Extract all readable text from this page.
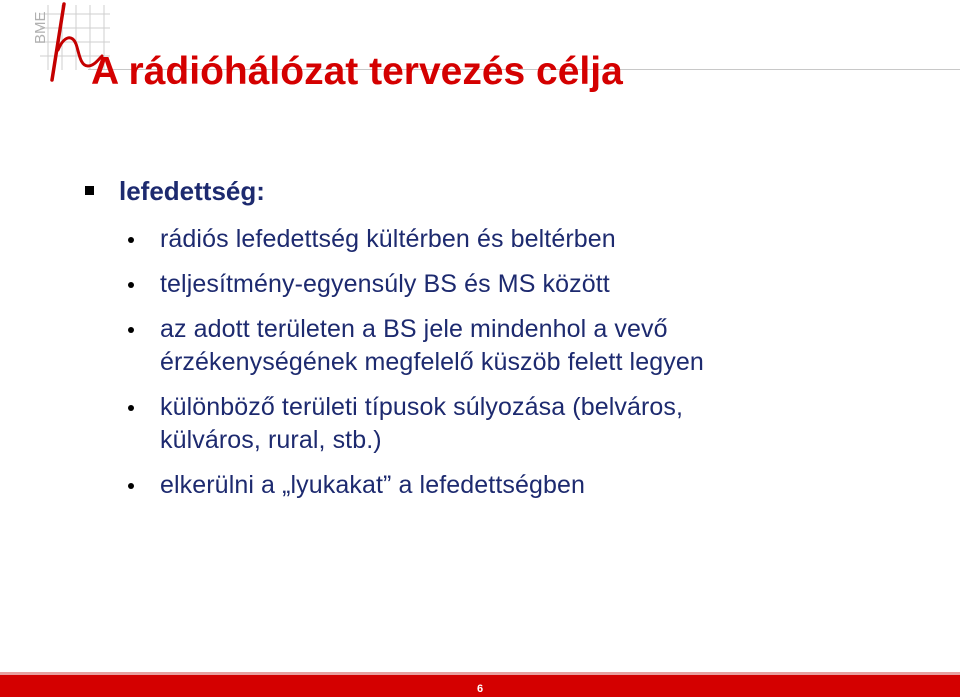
BME
A rádióhálózat tervezés célja
lefedettség:
rádiós lefedettség kültérben és beltérben
teljesítmény-egyensúly BS és MS között
az adott területen a BS jele mindenhol a vevő
érzékenységének megfelelő küszöb felett legyen
különböző területi típusok súlyozása (belváros,
külváros, rural, stb.)
elkerülni a „lyukakat” a lefedettségben
6
